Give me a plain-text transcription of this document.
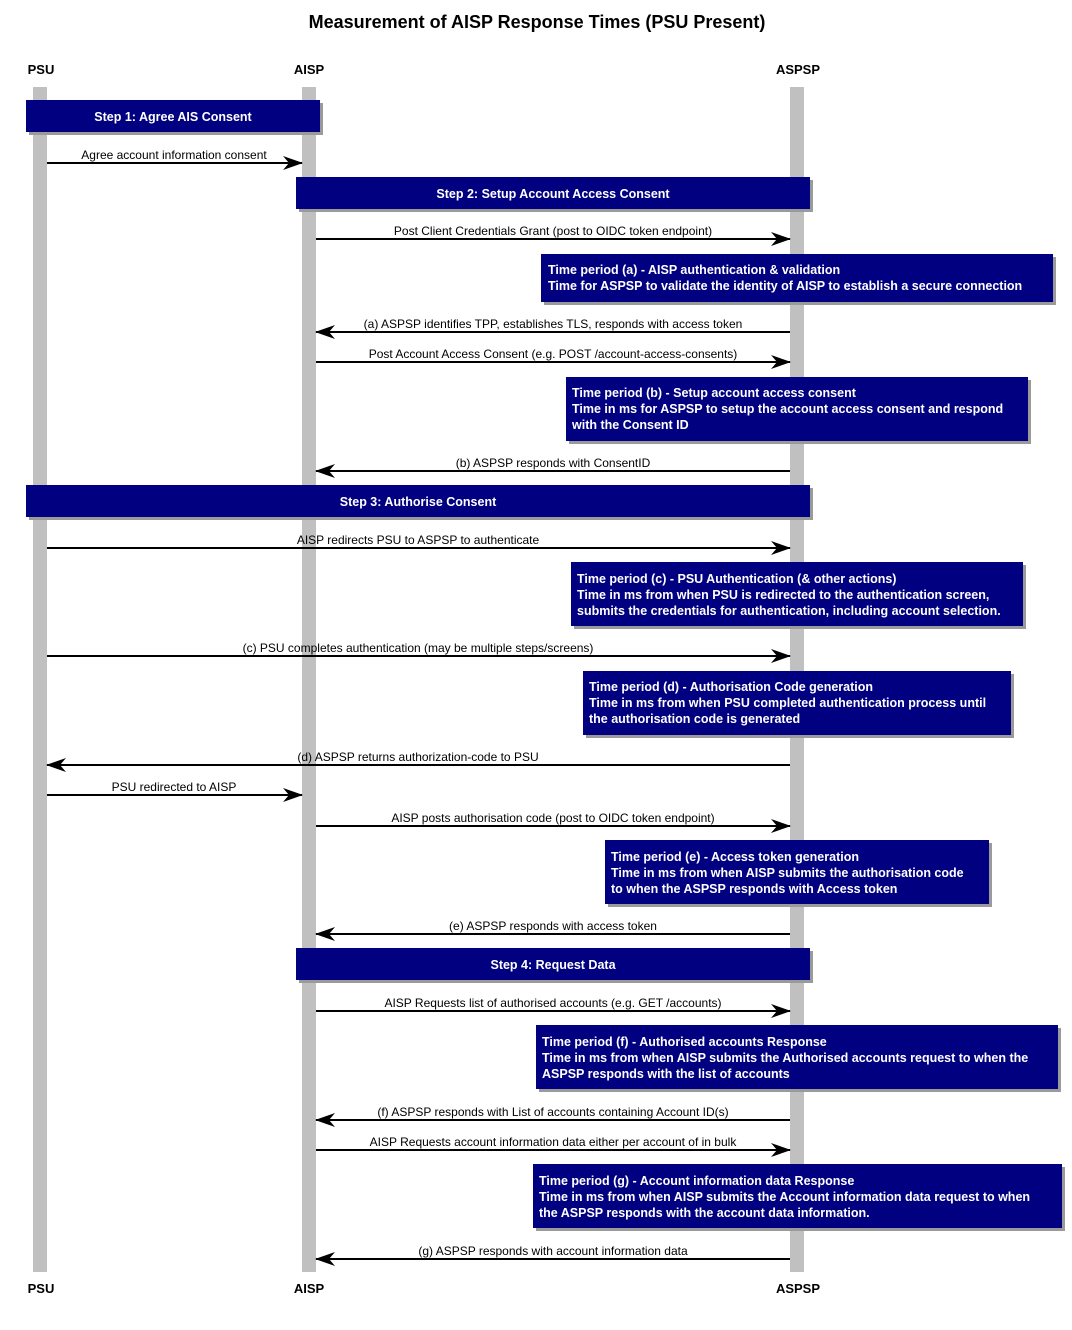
Measurement of AISP Response Times (PSU Present)
PSU	AISP	ASPSP
PSU	AISP	ASPSP
Step 1: Agree AIS Consent
Agree account information consent
Step 2: Setup Account Access Consent
Post Client Credentials Grant (post to OIDC token endpoint)
Time period (a) - AISP authentication & validation
Time for ASPSP to validate the identity of AISP to establish a secure connection
(a) ASPSP identifies TPP, establishes TLS, responds with access token
Post Account Access Consent (e.g. POST /account-access-consents)
Time period (b) - Setup account access consent
Time in ms for ASPSP to setup the account access consent and respond
with the Consent ID
(b) ASPSP responds with ConsentID
Step 3: Authorise Consent
AISP redirects PSU to ASPSP to authenticate
Time period (c) - PSU Authentication (& other actions)
Time in ms from when PSU is redirected to the authentication screen,
submits the credentials for authentication, including account selection.
(c) PSU completes authentication (may be multiple steps/screens)
Time period (d) - Authorisation Code generation
Time in ms from when PSU completed authentication process until
the authorisation code is generated
(d) ASPSP returns authorization-code to PSU
PSU redirected to AISP
AISP posts authorisation code (post to OIDC token endpoint)
Time period (e) - Access token generation
Time in ms from when AISP submits the authorisation code
to when the ASPSP responds with Access token
(e) ASPSP responds with access token
Step 4: Request Data
AISP Requests list of authorised accounts (e.g. GET /accounts)
Time period (f) - Authorised accounts Response
Time in ms from when AISP submits the Authorised accounts request to when the
ASPSP responds with the list of accounts
(f) ASPSP responds with List of accounts containing Account ID(s)
AISP Requests account information data either per account of in bulk
Time period (g) - Account information data Response
Time in ms from when AISP submits the Account information data request to when
the ASPSP responds with the account data information.
(g) ASPSP responds with account information data
